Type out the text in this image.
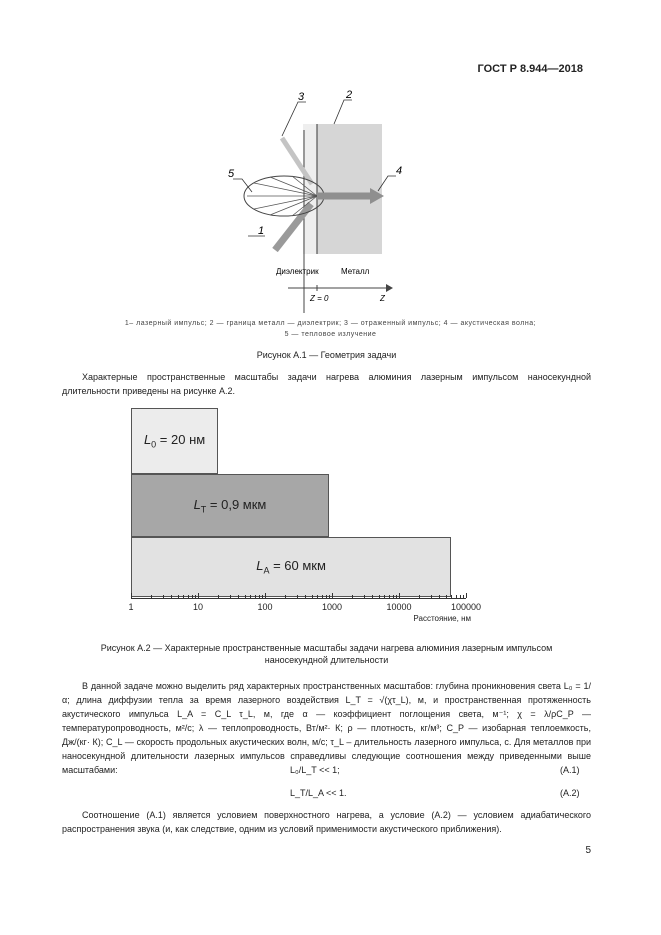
ГОСТ Р 8.944—2018
3	2
5	4
1
Диэлектрик	Металл
Z = 0	Z
1– лазерный импульс; 2 — граница металл — диэлектрик; 3 — отраженный импульс; 4 — акустическая волна;
5 — тепловое излучение
Рисунок А.1 — Геометрия задачи
Характерные пространственные масштабы задачи нагрева алюминия лазерным импульсом наносекундной длительности приведены на рисунке А.2.
$L_0 = 20$ нм
$L_T = 0,9$ мкм
$L_A = 60$ мкм
1	10	100	1000	10000	100000
Расстояние, нм
Рисунок А.2 — Характерные пространственные масштабы задачи нагрева алюминия лазерным импульсом
наносекундной длительности
В данной задаче можно выделить ряд характерных пространственных масштабов: глубина проникновения света L₀ = 1/α; длина диффузии тепла за время лазерного воздействия L_T = √(χτ_L), м, и пространственная протяженность акустического импульса L_A = C_L τ_L, м, где α — коэффициент поглощения света, м⁻¹; χ = λ/ρC_P — температуропроводность, м²/с; λ — теплопроводность, Вт/м²· К; ρ — плотность, кг/м³; C_P — изобарная теплоемкость, Дж/(кг· К); C_L — скорость продольных акустических волн, м/с; τ_L – длительность лазерного импульса, с. Для металлов при наносекундной длительности лазерных импульсов справедливы следующие соотношения между приведенными выше масштабами:	L₀/L_T << 1;	(А.1)
L_T/L_A << 1.	(А.2)
Соотношение (А.1) является условием поверхностного нагрева, а условие (А.2) — условием адиабатического распространения звука (и, как следствие, одним из условий применимости акустического приближения).
5
